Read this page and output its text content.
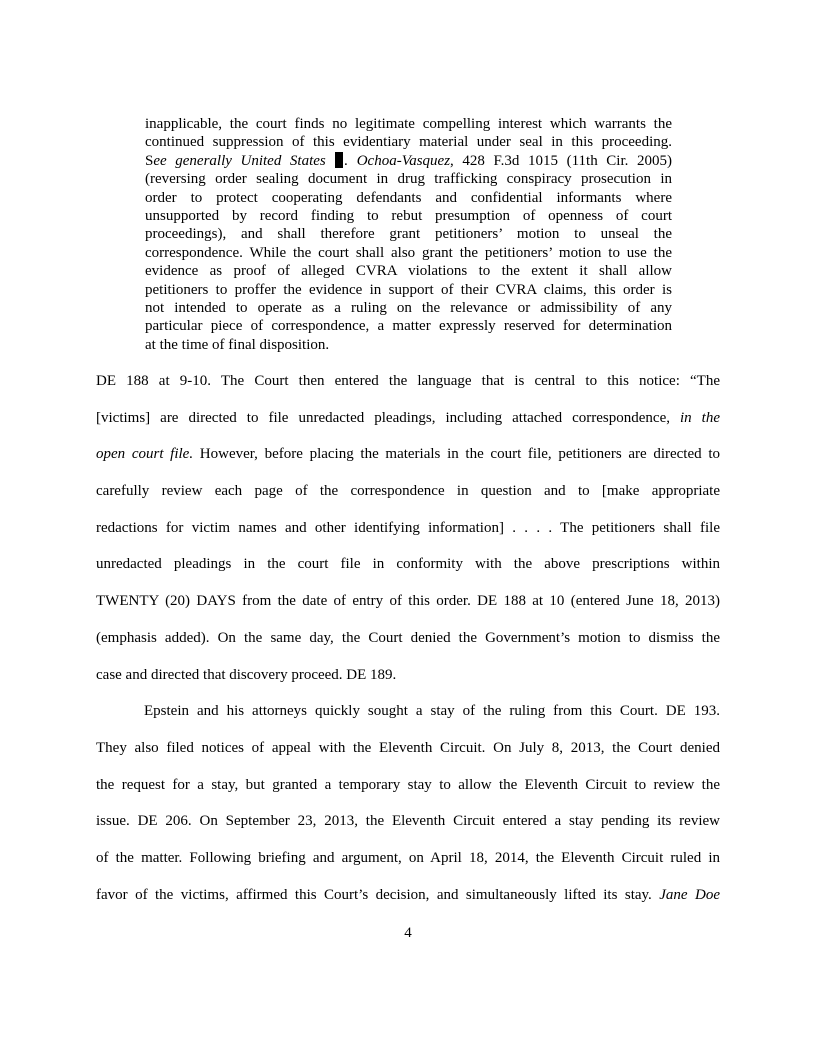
inapplicable, the court finds no legitimate compelling interest which warrants the
continued suppression of this evidentiary material under seal in this proceeding.
See generally United States . Ochoa-Vasquez, 428 F.3d 1015 (11th Cir. 2005)
(reversing order sealing document in drug trafficking conspiracy prosecution in
order to protect cooperating defendants and confidential informants where
unsupported by record finding to rebut presumption of openness of court
proceedings), and shall therefore grant petitioners’ motion to unseal the
correspondence. While the court shall also grant the petitioners’ motion to use the
evidence as proof of alleged CVRA violations to the extent it shall allow
petitioners to proffer the evidence in support of their CVRA claims, this order is
not intended to operate as a ruling on the relevance or admissibility of any
particular piece of correspondence, a matter expressly reserved for determination
at the time of final disposition.
DE 188 at 9-10. The Court then entered the language that is central to this notice: “The
[victims] are directed to file unredacted pleadings, including attached correspondence, in the
open court file. However, before placing the materials in the court file, petitioners are directed to
carefully review each page of the correspondence in question and to [make appropriate
redactions for victim names and other identifying information] . . . . The petitioners shall file
unredacted pleadings in the court file in conformity with the above prescriptions within
TWENTY (20) DAYS from the date of entry of this order. DE 188 at 10 (entered June 18, 2013)
(emphasis added). On the same day, the Court denied the Government’s motion to dismiss the
case and directed that discovery proceed. DE 189.
Epstein and his attorneys quickly sought a stay of the ruling from this Court. DE 193.
They also filed notices of appeal with the Eleventh Circuit. On July 8, 2013, the Court denied
the request for a stay, but granted a temporary stay to allow the Eleventh Circuit to review the
issue. DE 206. On September 23, 2013, the Eleventh Circuit entered a stay pending its review
of the matter. Following briefing and argument, on April 18, 2014, the Eleventh Circuit ruled in
favor of the victims, affirmed this Court’s decision, and simultaneously lifted its stay. Jane Doe
4
